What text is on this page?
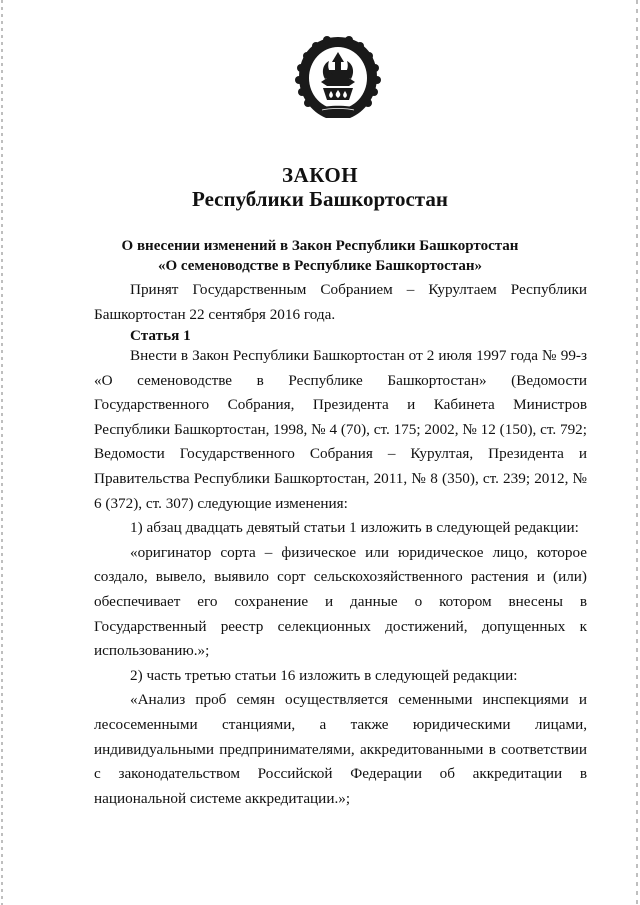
ЗАКОН
Республики Башкортостан
О внесении изменений в Закон Республики Башкортостан
«О семеноводстве в Республике Башкортостан»

Принят Государственным Собранием – Курултаем Республики Башкортостан 22 сентября 2016 года.

Статья 1

Внести в Закон Республики Башкортостан от 2 июля 1997 года № 99-з «О семеноводстве в Республике Башкортостан» (Ведомости Государственного Собрания, Президента и Кабинета Министров Республики Башкортостан, 1998, № 4 (70), ст. 175; 2002, № 12 (150), ст. 792; Ведомости Государственного Собрания – Курултая, Президента и Правительства Республики Башкортостан, 2011, № 8 (350), ст. 239; 2012, № 6 (372), ст. 307) следующие изменения:

1) абзац двадцать девятый статьи 1 изложить в следующей редакции:

«оригинатор сорта – физическое или юридическое лицо, которое создало, вывело, выявило сорт сельскохозяйственного растения и (или) обеспечивает его сохранение и данные о котором внесены в Государственный реестр селекционных достижений, допущенных к использованию.»;

2) часть третью статьи 16 изложить в следующей редакции:

«Анализ проб семян осуществляется семенными инспекциями и лесосеменными станциями, а также юридическими лицами, индивидуальными предпринимателями, аккредитованными в соответствии с законодательством Российской Федерации об аккредитации в национальной системе аккредитации.»;
